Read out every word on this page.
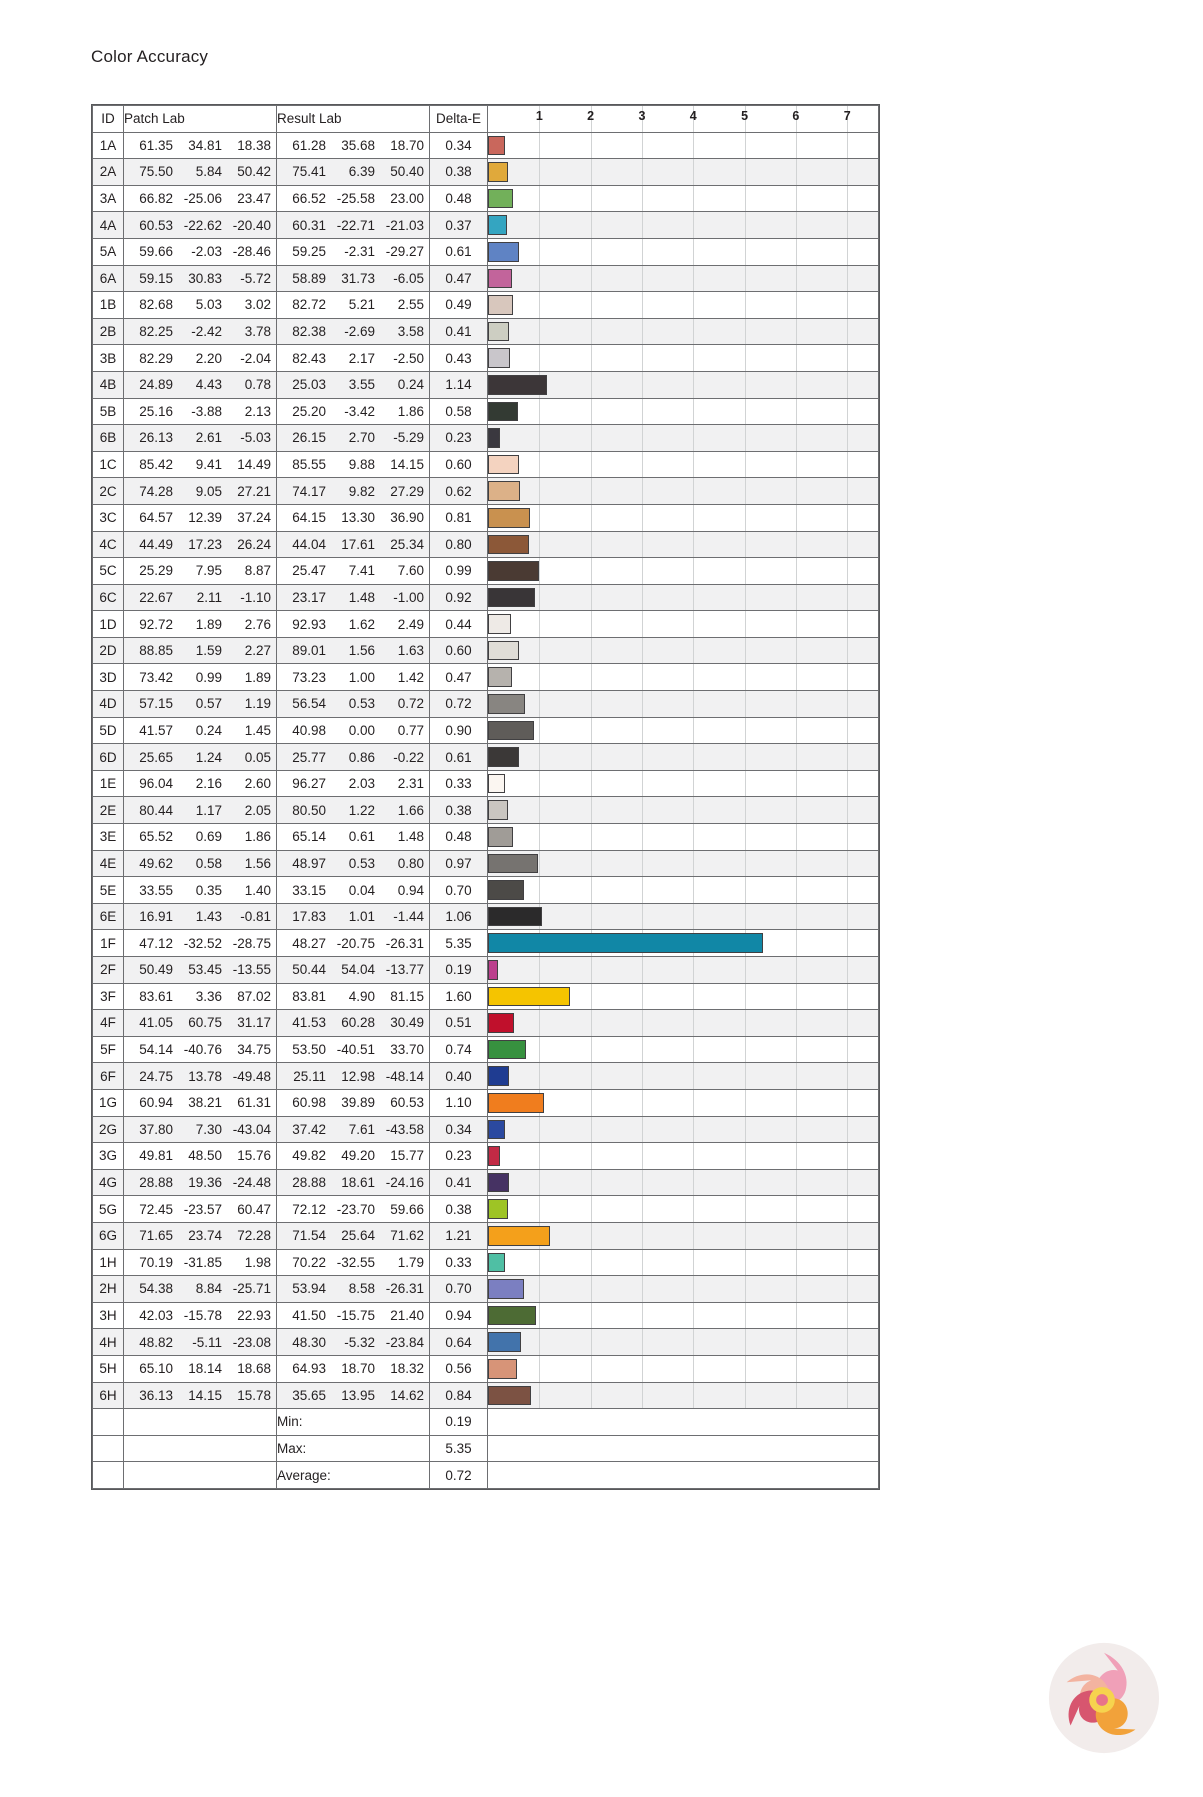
Color Accuracy
ID	Patch Lab	Result Lab	Delta-E	1	2	3	4	5	6	7

1A	61.35 34.81 18.38	61.28 35.68 18.70	0.34	

2A	75.50 5.84 50.42	75.41 6.39 50.40	0.38	

3A	66.82 -25.06 23.47	66.52 -25.58 23.00	0.48	

4A	60.53 -22.62 -20.40	60.31 -22.71 -21.03	0.37	

5A	59.66 -2.03 -28.46	59.25 -2.31 -29.27	0.61	

6A	59.15 30.83 -5.72	58.89 31.73 -6.05	0.47	

1B	82.68 5.03 3.02	82.72 5.21 2.55	0.49	

2B	82.25 -2.42 3.78	82.38 -2.69 3.58	0.41	

3B	82.29 2.20 -2.04	82.43 2.17 -2.50	0.43	

4B	24.89 4.43 0.78	25.03 3.55 0.24	1.14	

5B	25.16 -3.88 2.13	25.20 -3.42 1.86	0.58	

6B	26.13 2.61 -5.03	26.15 2.70 -5.29	0.23	

1C	85.42 9.41 14.49	85.55 9.88 14.15	0.60	

2C	74.28 9.05 27.21	74.17 9.82 27.29	0.62	

3C	64.57 12.39 37.24	64.15 13.30 36.90	0.81	

4C	44.49 17.23 26.24	44.04 17.61 25.34	0.80	

5C	25.29 7.95 8.87	25.47 7.41 7.60	0.99	

6C	22.67 2.11 -1.10	23.17 1.48 -1.00	0.92	

1D	92.72 1.89 2.76	92.93 1.62 2.49	0.44	

2D	88.85 1.59 2.27	89.01 1.56 1.63	0.60	

3D	73.42 0.99 1.89	73.23 1.00 1.42	0.47	

4D	57.15 0.57 1.19	56.54 0.53 0.72	0.72	

5D	41.57 0.24 1.45	40.98 0.00 0.77	0.90	

6D	25.65 1.24 0.05	25.77 0.86 -0.22	0.61	

1E	96.04 2.16 2.60	96.27 2.03 2.31	0.33	

2E	80.44 1.17 2.05	80.50 1.22 1.66	0.38	

3E	65.52 0.69 1.86	65.14 0.61 1.48	0.48	

4E	49.62 0.58 1.56	48.97 0.53 0.80	0.97	

5E	33.55 0.35 1.40	33.15 0.04 0.94	0.70	

6E	16.91 1.43 -0.81	17.83 1.01 -1.44	1.06	

1F	47.12 -32.52 -28.75	48.27 -20.75 -26.31	5.35	

2F	50.49 53.45 -13.55	50.44 54.04 -13.77	0.19	

3F	83.61 3.36 87.02	83.81 4.90 81.15	1.60	

4F	41.05 60.75 31.17	41.53 60.28 30.49	0.51	

5F	54.14 -40.76 34.75	53.50 -40.51 33.70	0.74	

6F	24.75 13.78 -49.48	25.11 12.98 -48.14	0.40	

1G	60.94 38.21 61.31	60.98 39.89 60.53	1.10	

2G	37.80 7.30 -43.04	37.42 7.61 -43.58	0.34	

3G	49.81 48.50 15.76	49.82 49.20 15.77	0.23	

4G	28.88 19.36 -24.48	28.88 18.61 -24.16	0.41	

5G	72.45 -23.57 60.47	72.12 -23.70 59.66	0.38	

6G	71.65 23.74 72.28	71.54 25.64 71.62	1.21	

1H	70.19 -31.85 1.98	70.22 -32.55 1.79	0.33	

2H	54.38 8.84 -25.71	53.94 8.58 -26.31	0.70	

3H	42.03 -15.78 22.93	41.50 -15.75 21.40	0.94	

4H	48.82 -5.11 -23.08	48.30 -5.32 -23.84	0.64	

5H	65.10 18.14 18.68	64.93 18.70 18.32	0.56	

6H	36.13 14.15 15.78	35.65 13.95 14.62	0.84	

		Min:	0.19	
		Max:	5.35	
		Average:	0.72	
